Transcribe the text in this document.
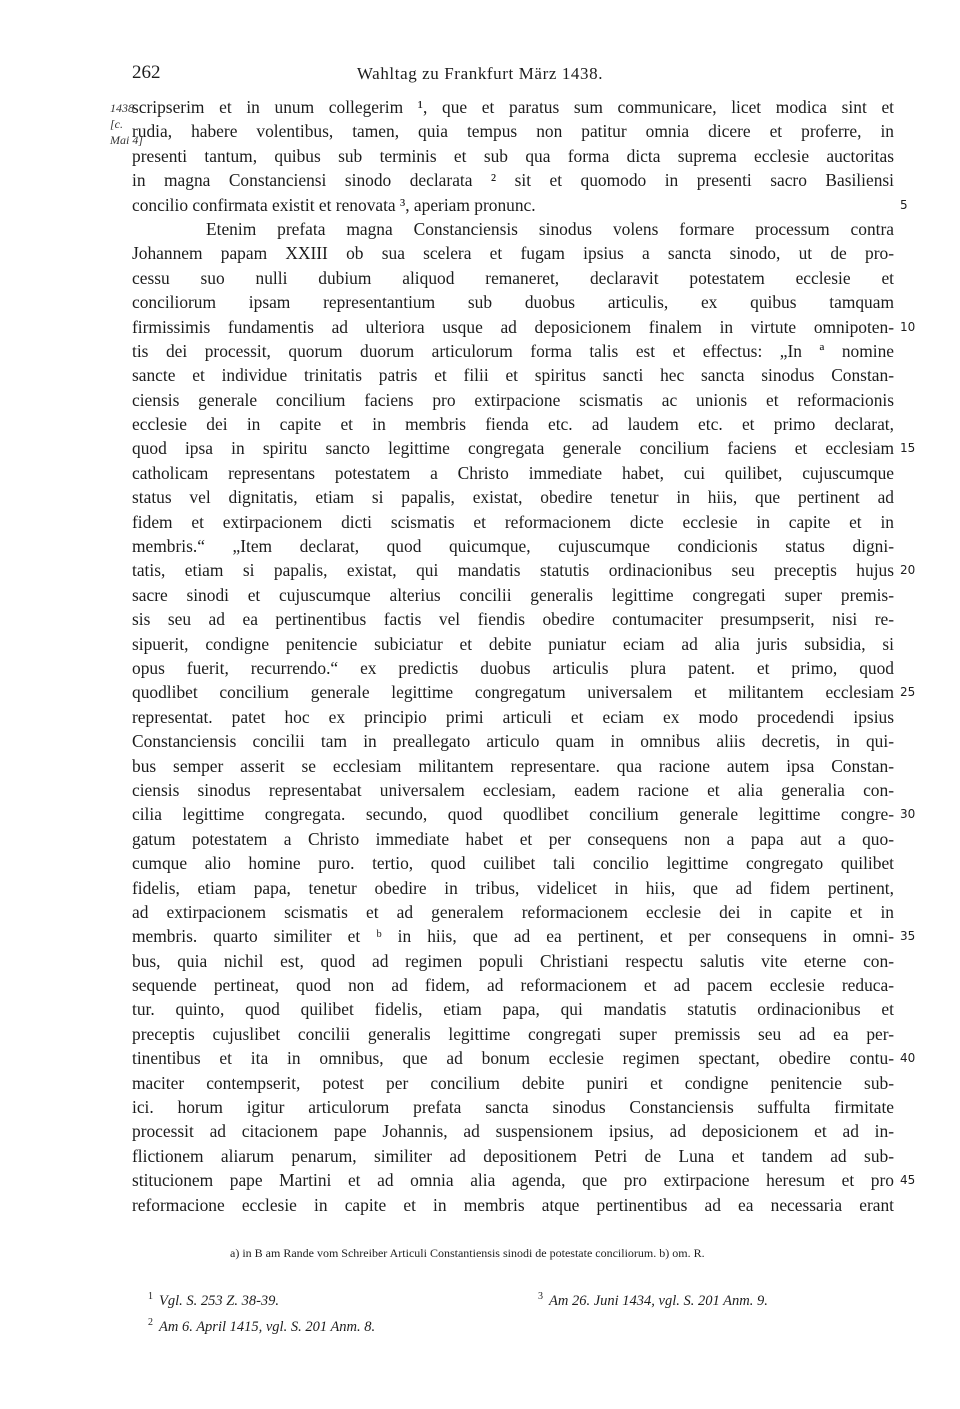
262	Wahltag zu Frankfurt März 1438.
1438
[c.
Mai 4]
scripserim et in unum collegerim ¹, que et paratus sum communicare, licet modica sint et
rudia, habere volentibus, tamen, quia tempus non patitur omnia dicere et proferre, in
presenti tantum, quibus sub terminis et sub qua forma dicta suprema ecclesie auctoritas
in magna Constanciensi sinodo declarata ² sit et quomodo in presenti sacro Basiliensi
concilio confirmata existit et renovata ³, aperiam pronunc.	5
Etenim prefata magna Constanciensis sinodus volens formare processum contra
Johannem papam XXIII ob sua scelera et fugam ipsius a sancta sinodo, ut de pro-
cessu suo nulli dubium aliquod remaneret, declaravit potestatem ecclesie et
conciliorum ipsam representantium sub duobus articulis, ex quibus tamquam
firmissimis fundamentis ad ulteriora usque ad deposicionem finalem in virtute omnipoten- 10
tis dei processit, quorum duorum articulorum forma talis est et effectus: „In ª nomine
sancte et individue trinitatis patris et filii et spiritus sancti hec sancta sinodus Constan-
ciensis generale concilium faciens pro extirpacione scismatis ac unionis et reformacionis
ecclesie dei in capite et in membris fienda etc. ad laudem etc. et primo declarat,
quod ipsa in spiritu sancto legittime congregata generale concilium faciens et ecclesiam 15
catholicam representans potestatem a Christo immediate habet, cui quilibet, cujuscumque
status vel dignitatis, etiam si papalis, existat, obedire tenetur in hiis, que pertinent ad
fidem et extirpacionem dicti scismatis et reformacionem dicte ecclesie in capite et in
membris.“ „Item declarat, quod quicumque, cujuscumque condicionis status digni-
tatis, etiam si papalis, existat, qui mandatis statutis ordinacionibus seu preceptis hujus 20
sacre sinodi et cujuscumque alterius concilii generalis legittime congregati super premis-
sis seu ad ea pertinentibus factis vel fiendis obedire contumaciter presumpserit, nisi re-
sipuerit, condigne penitencie subiciatur et debite puniatur eciam ad alia juris subsidia, si
opus fuerit, recurrendo.“ ex predictis duobus articulis plura patent. et primo, quod
quodlibet concilium generale legittime congregatum universalem et militantem ecclesiam 25
representat. patet hoc ex principio primi articuli et eciam ex modo procedendi ipsius
Constanciensis concilii tam in preallegato articulo quam in omnibus aliis decretis, in qui-
bus semper asserit se ecclesiam militantem representare. qua racione autem ipsa Constan-
ciensis sinodus representabat universalem ecclesiam, eadem racione et alia generalia con-
cilia legittime congregata. secundo, quod quodlibet concilium generale legittime congre- 30
gatum potestatem a Christo immediate habet et per consequens non a papa aut a quo-
cumque alio homine puro. tertio, quod cuilibet tali concilio legittime congregato quilibet
fidelis, etiam papa, tenetur obedire in tribus, videlicet in hiis, que ad fidem pertinent,
ad extirpacionem scismatis et ad generalem reformacionem ecclesie dei in capite et in
membris. quarto similiter et ᵇ in hiis, que ad ea pertinent, et per consequens in omni- 35
bus, quia nichil est, quod ad regimen populi Christiani respectu salutis vite eterne con-
sequende pertineat, quod non ad fidem, ad reformacionem et ad pacem ecclesie reduca-
tur. quinto, quod quilibet fidelis, etiam papa, qui mandatis statutis ordinacionibus et
preceptis cujuslibet concilii generalis legittime congregati super premissis seu ad ea per-
tinentibus et ita in omnibus, que ad bonum ecclesie regimen spectant, obedire contu- 40
maciter contempserit, potest per concilium debite puniri et condigne penitencie sub-
ici. horum igitur articulorum prefata sancta sinodus Constanciensis suffulta firmitate
processit ad citacionem pape Johannis, ad suspensionem ipsius, ad deposicionem et ad in-
flictionem aliarum penarum, similiter ad depositionem Petri de Luna et tandem ad sub-
stitucionem pape Martini et ad omnia alia agenda, que pro extirpacione heresum et pro 45
reformacione ecclesie in capite et in membris atque pertinentibus ad ea necessaria erant
a) in B am Rande vom Schreiber Articuli Constantiensis sinodi de potestate conciliorum. b) om. R.
$^1$ Vgl. S. 253 Z. 38-39.
$^2$ Am 6. April 1415, vgl. S. 201 Anm. 8.
$^3$ Am 26. Juni 1434, vgl. S. 201 Anm. 9.
